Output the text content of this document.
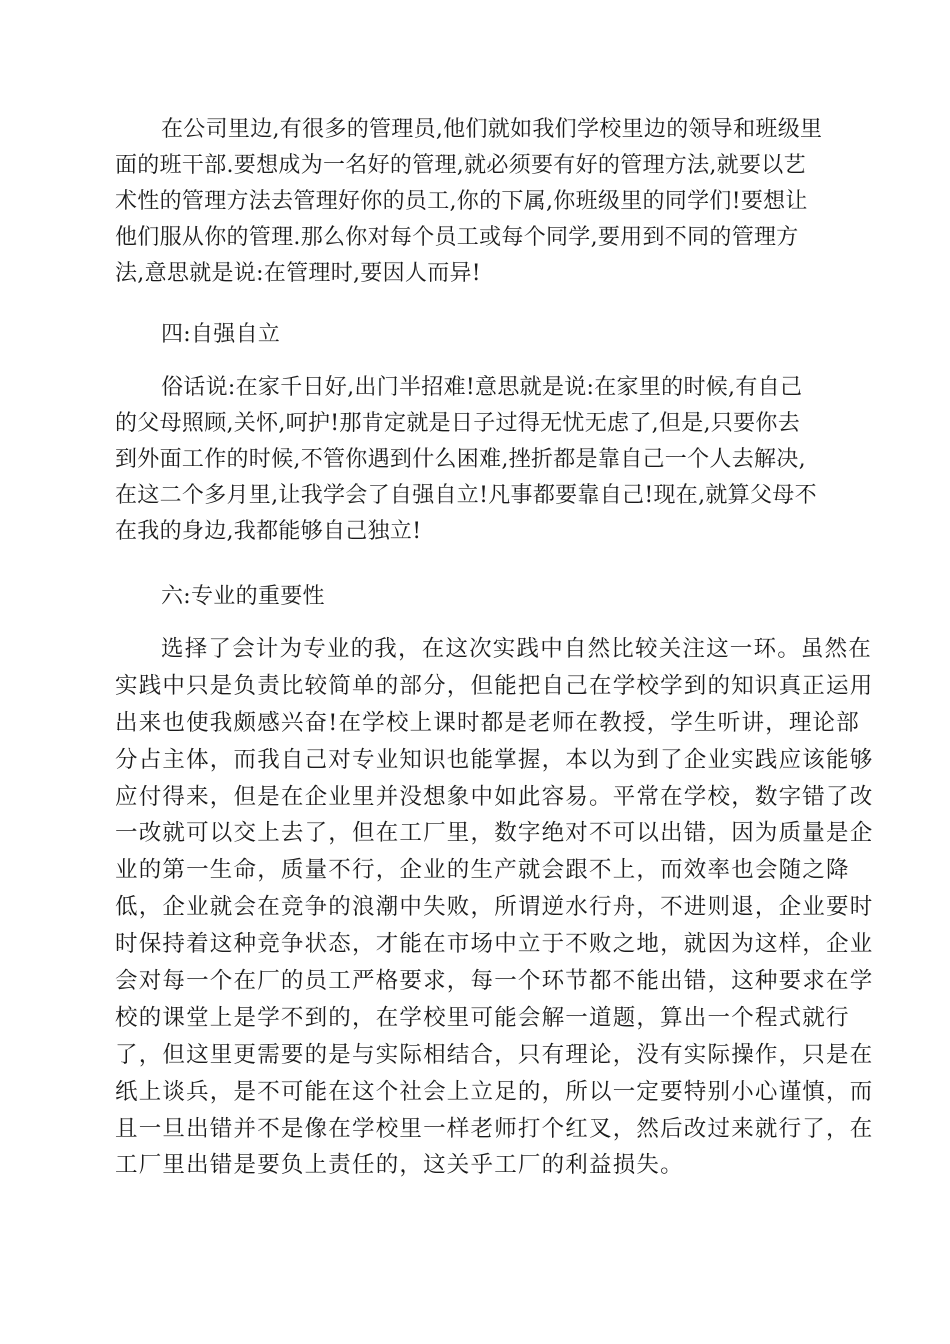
在公司里边,有很多的管理员,他们就如我们学校里边的领导和班级里
面的班干部.要想成为一名好的管理,就必须要有好的管理方法,就要以艺
术性的管理方法去管理好你的员工,你的下属,你班级里的同学们!要想让
他们服从你的管理.那么你对每个员工或每个同学,要用到不同的管理方
法,意思就是说:在管理时,要因人而异!
四:自强自立
俗话说:在家千日好,出门半招难!意思就是说:在家里的时候,有自己
的父母照顾,关怀,呵护!那肯定就是日子过得无忧无虑了,但是,只要你去
到外面工作的时候,不管你遇到什么困难,挫折都是靠自己一个人去解决,
在这二个多月里,让我学会了自强自立!凡事都要靠自己!现在,就算父母不
在我的身边,我都能够自己独立!
六:专业的重要性
选择了会计为专业的我，在这次实践中自然比较关注这一环。虽然在
实践中只是负责比较简单的部分，但能把自己在学校学到的知识真正运用
出来也使我颇感兴奋!在学校上课时都是老师在教授，学生听讲，理论部
分占主体，而我自己对专业知识也能掌握，本以为到了企业实践应该能够
应付得来，但是在企业里并没想象中如此容易。平常在学校，数字错了改
一改就可以交上去了，但在工厂里，数字绝对不可以出错，因为质量是企
业的第一生命，质量不行，企业的生产就会跟不上，而效率也会随之降
低，企业就会在竞争的浪潮中失败，所谓逆水行舟，不进则退，企业要时
时保持着这种竞争状态，才能在市场中立于不败之地，就因为这样，企业
会对每一个在厂的员工严格要求，每一个环节都不能出错，这种要求在学
校的课堂上是学不到的，在学校里可能会解一道题，算出一个程式就行
了，但这里更需要的是与实际相结合，只有理论，没有实际操作，只是在
纸上谈兵，是不可能在这个社会上立足的，所以一定要特别小心谨慎，而
且一旦出错并不是像在学校里一样老师打个红叉，然后改过来就行了，在
工厂里出错是要负上责任的，这关乎工厂的利益损失。
